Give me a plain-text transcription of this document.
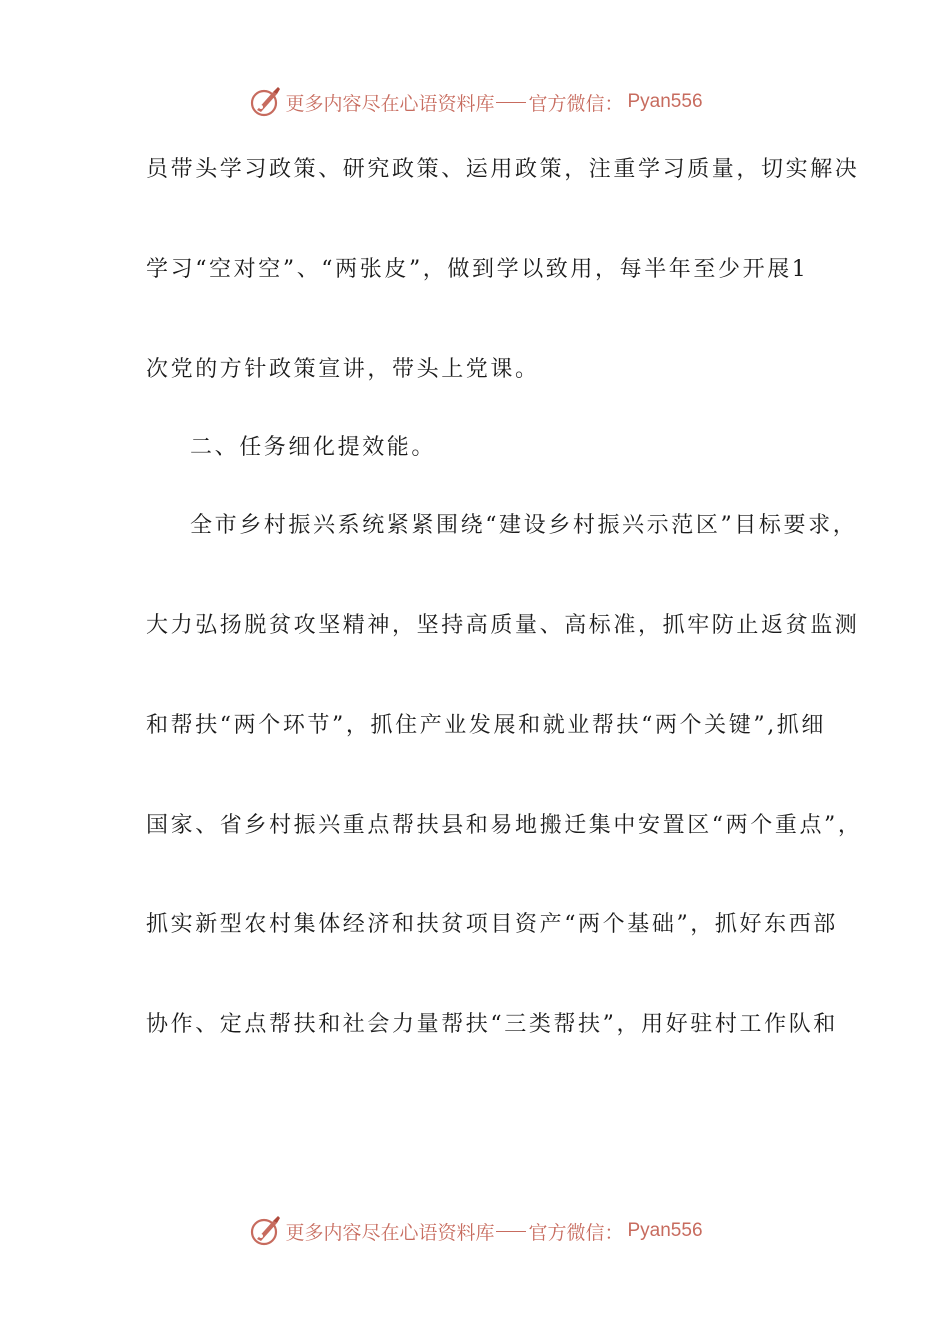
更多内容尽在心语资料库 官方微信： Pyan556
员带头学习政策、研究政策、运用政策，注重学习质量，切实解决
学习“空对空”、“两张皮”，做到学以致用，每半年至少开展1
次党的方针政策宣讲，带头上党课。
二、任务细化提效能。
全市乡村振兴系统紧紧围绕“建设乡村振兴示范区”目标要求，
大力弘扬脱贫攻坚精神，坚持高质量、高标准，抓牢防止返贫监测
和帮扶“两个环节”，抓住产业发展和就业帮扶“两个关键”,抓细
国家、省乡村振兴重点帮扶县和易地搬迁集中安置区“两个重点”，
抓实新型农村集体经济和扶贫项目资产“两个基础”，抓好东西部
协作、定点帮扶和社会力量帮扶“三类帮扶”，用好驻村工作队和
更多内容尽在心语资料库 官方微信： Pyan556
